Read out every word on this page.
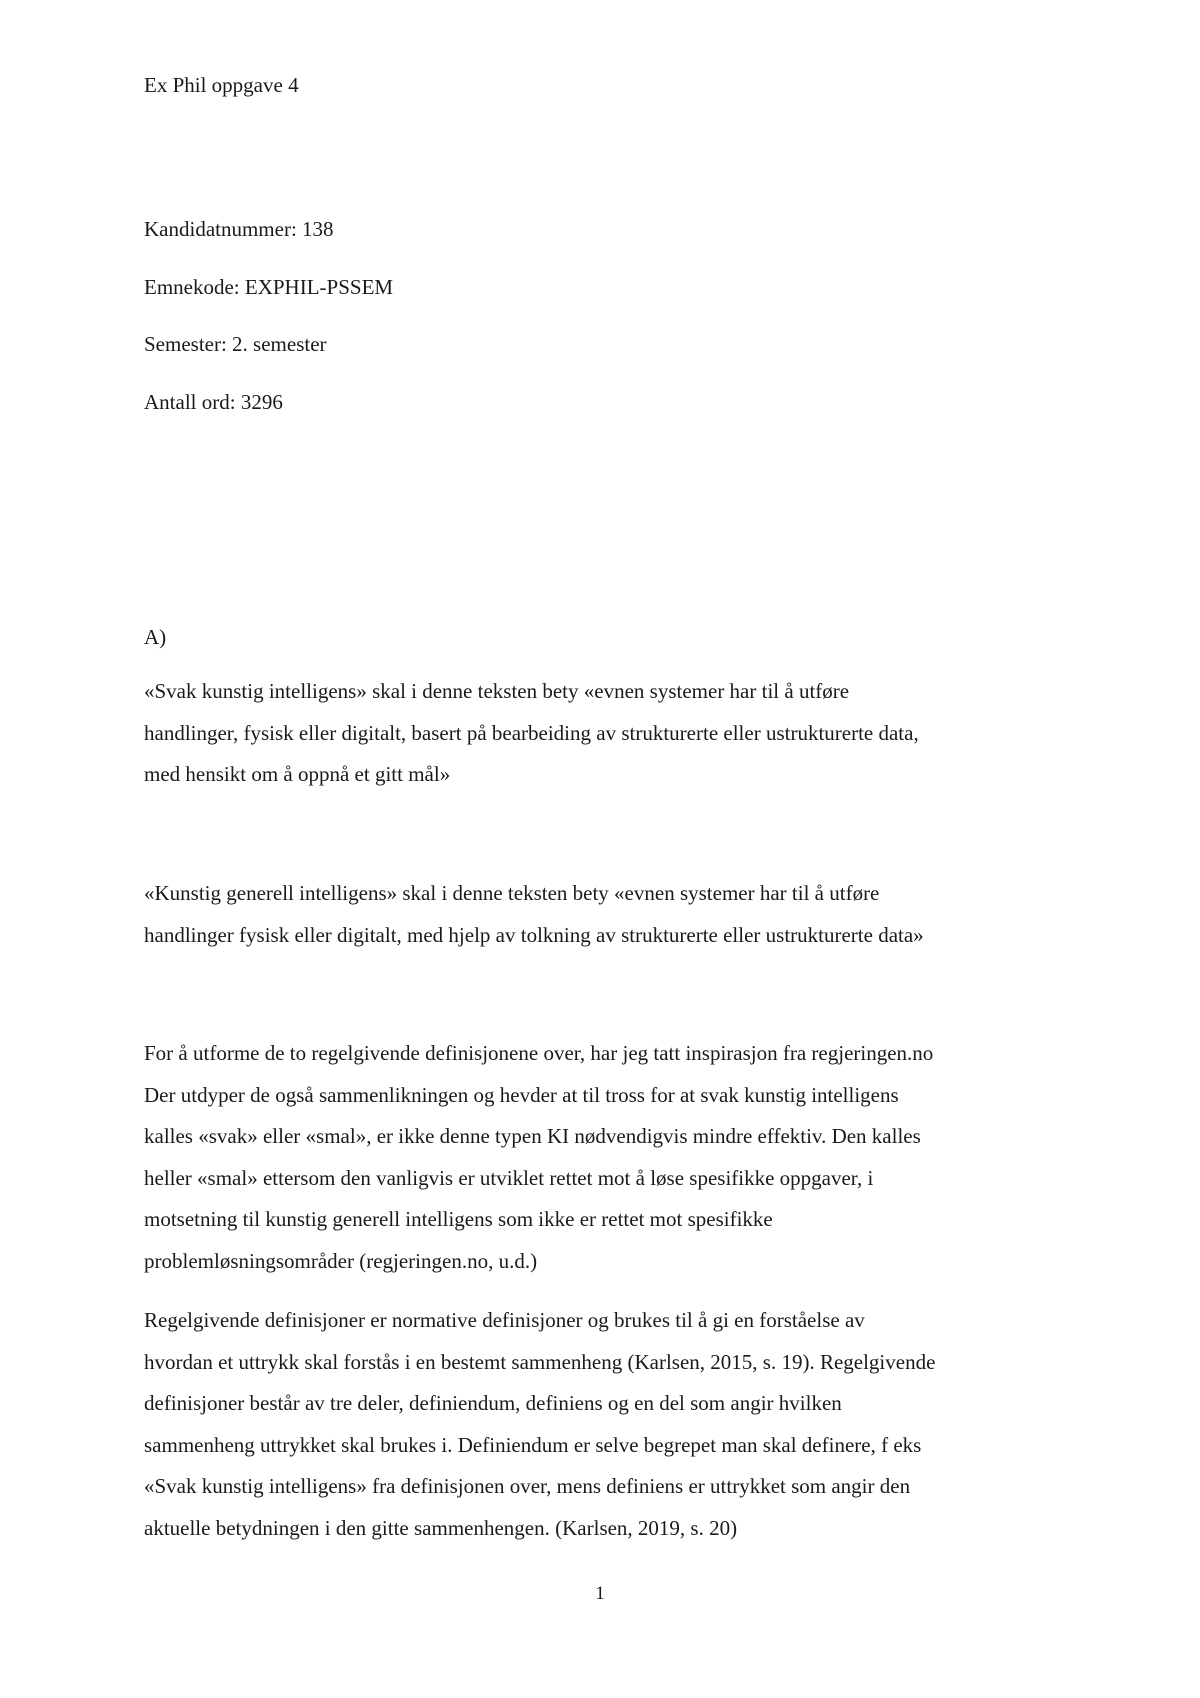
Ex Phil oppgave 4

Kandidatnummer: 138

Emnekode: EXPHIL-PSSEM

Semester: 2. semester

Antall ord: 3296

A)

«Svak kunstig intelligens» skal i denne teksten bety «evnen systemer har til å utføre
handlinger, fysisk eller digitalt, basert på bearbeiding av strukturerte eller ustrukturerte data,
med hensikt om å oppnå et gitt mål»
«Kunstig generell intelligens» skal i denne teksten bety «evnen systemer har til å utføre
handlinger fysisk eller digitalt, med hjelp av tolkning av strukturerte eller ustrukturerte data»
For å utforme de to regelgivende definisjonene over, har jeg tatt inspirasjon fra regjeringen.no
Der utdyper de også sammenlikningen og hevder at til tross for at svak kunstig intelligens
kalles «svak» eller «smal», er ikke denne typen KI nødvendigvis mindre effektiv. Den kalles
heller «smal» ettersom den vanligvis er utviklet rettet mot å løse spesifikke oppgaver, i
motsetning til kunstig generell intelligens som ikke er rettet mot spesifikke
problemløsningsområder (regjeringen.no, u.d.)
Regelgivende definisjoner er normative definisjoner og brukes til å gi en forståelse av
hvordan et uttrykk skal forstås i en bestemt sammenheng (Karlsen, 2015, s. 19). Regelgivende
definisjoner består av tre deler, definiendum, definiens og en del som angir hvilken
sammenheng uttrykket skal brukes i. Definiendum er selve begrepet man skal definere, f eks
«Svak kunstig intelligens» fra definisjonen over, mens definiens er uttrykket som angir den
aktuelle betydningen i den gitte sammenhengen. (Karlsen, 2019, s. 20)
1
